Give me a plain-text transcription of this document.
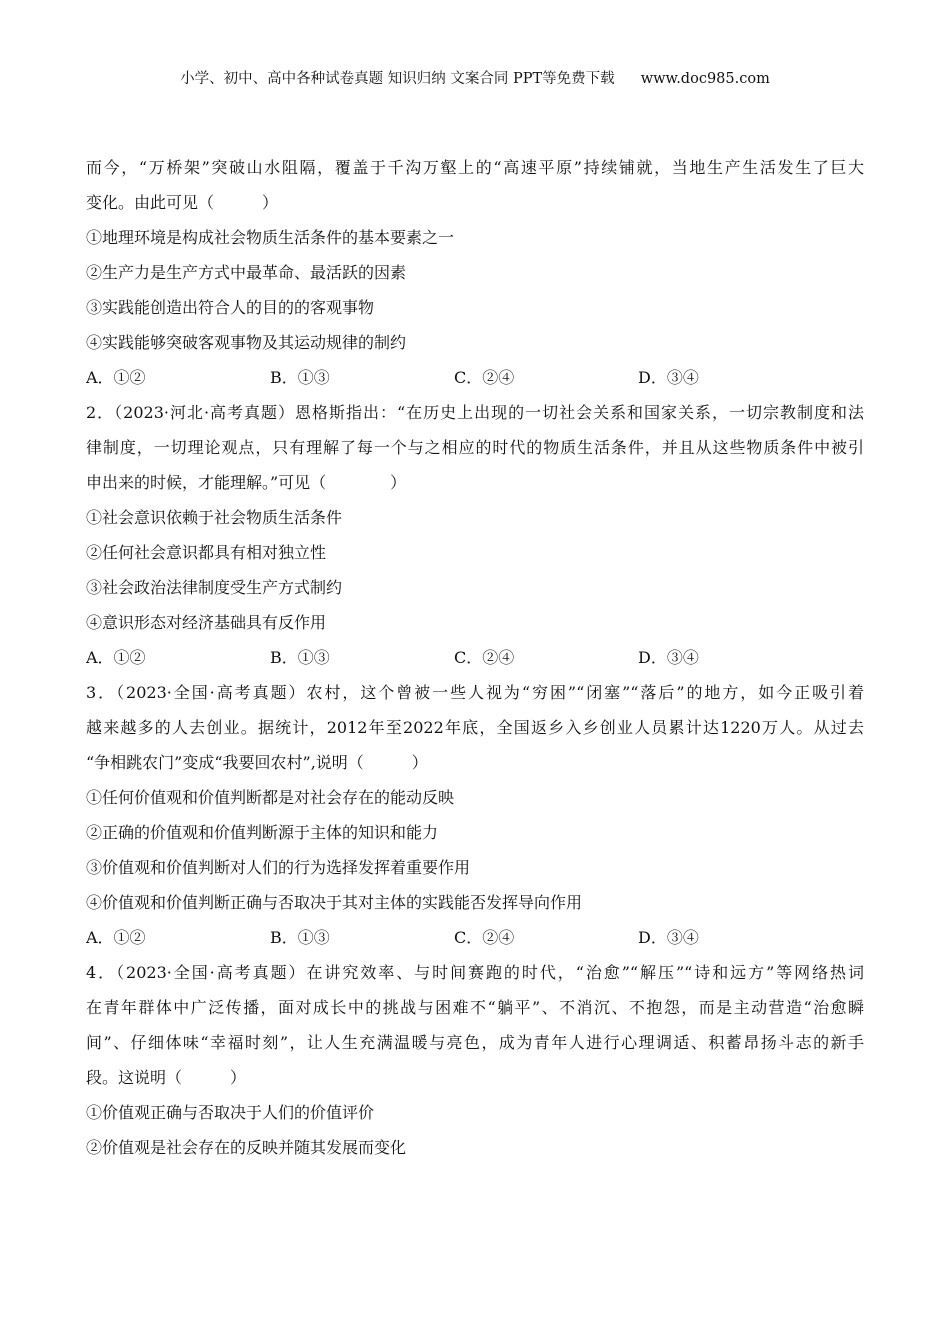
小学、初中、高中各种试卷真题 知识归纳 文案合同 PPT等免费下载 www.doc985.com
而今，“万桥架”突破山水阻隔，覆盖于千沟万壑上的“高速平原”持续铺就，当地生产生活发生了巨大
变化。由此可见（　　　）
①地理环境是构成社会物质生活条件的基本要素之一
②生产力是生产方式中最革命、最活跃的因素
③实践能创造出符合人的目的的客观事物
④实践能够突破客观事物及其运动规律的制约
A．①②	B．①③	C．②④	D．③④
2．（2023·河北·高考真题）恩格斯指出：“在历史上出现的一切社会关系和国家关系，一切宗教制度和法
律制度，一切理论观点，只有理解了每一个与之相应的时代的物质生活条件，并且从这些物质条件中被引
申出来的时候，才能理解。”可见（　　　　）
①社会意识依赖于社会物质生活条件
②任何社会意识都具有相对独立性
③社会政治法律制度受生产方式制约
④意识形态对经济基础具有反作用
A．①②	B．①③	C．②④	D．③④
3．（2023·全国·高考真题）农村，这个曾被一些人视为“穷困”“闭塞”“落后”的地方，如今正吸引着
越来越多的人去创业。据统计，2012年至2022年底，全国返乡入乡创业人员累计达1220万人。从过去
“争相跳农门”变成“我要回农村”,说明（　　　）
①任何价值观和价值判断都是对社会存在的能动反映
②正确的价值观和价值判断源于主体的知识和能力
③价值观和价值判断对人们的行为选择发挥着重要作用
④价值观和价值判断正确与否取决于其对主体的实践能否发挥导向作用
A．①②	B．①③	C．②④	D．③④
4．（2023·全国·高考真题）在讲究效率、与时间赛跑的时代，“治愈”“解压”“诗和远方”等网络热词
在青年群体中广泛传播，面对成长中的挑战与困难不“躺平”、不消沉、不抱怨，而是主动营造“治愈瞬
间”、仔细体味“幸福时刻”，让人生充满温暖与亮色，成为青年人进行心理调适、积蓄昂扬斗志的新手
段。这说明（　　　）
①价值观正确与否取决于人们的价值评价
②价值观是社会存在的反映并随其发展而变化
